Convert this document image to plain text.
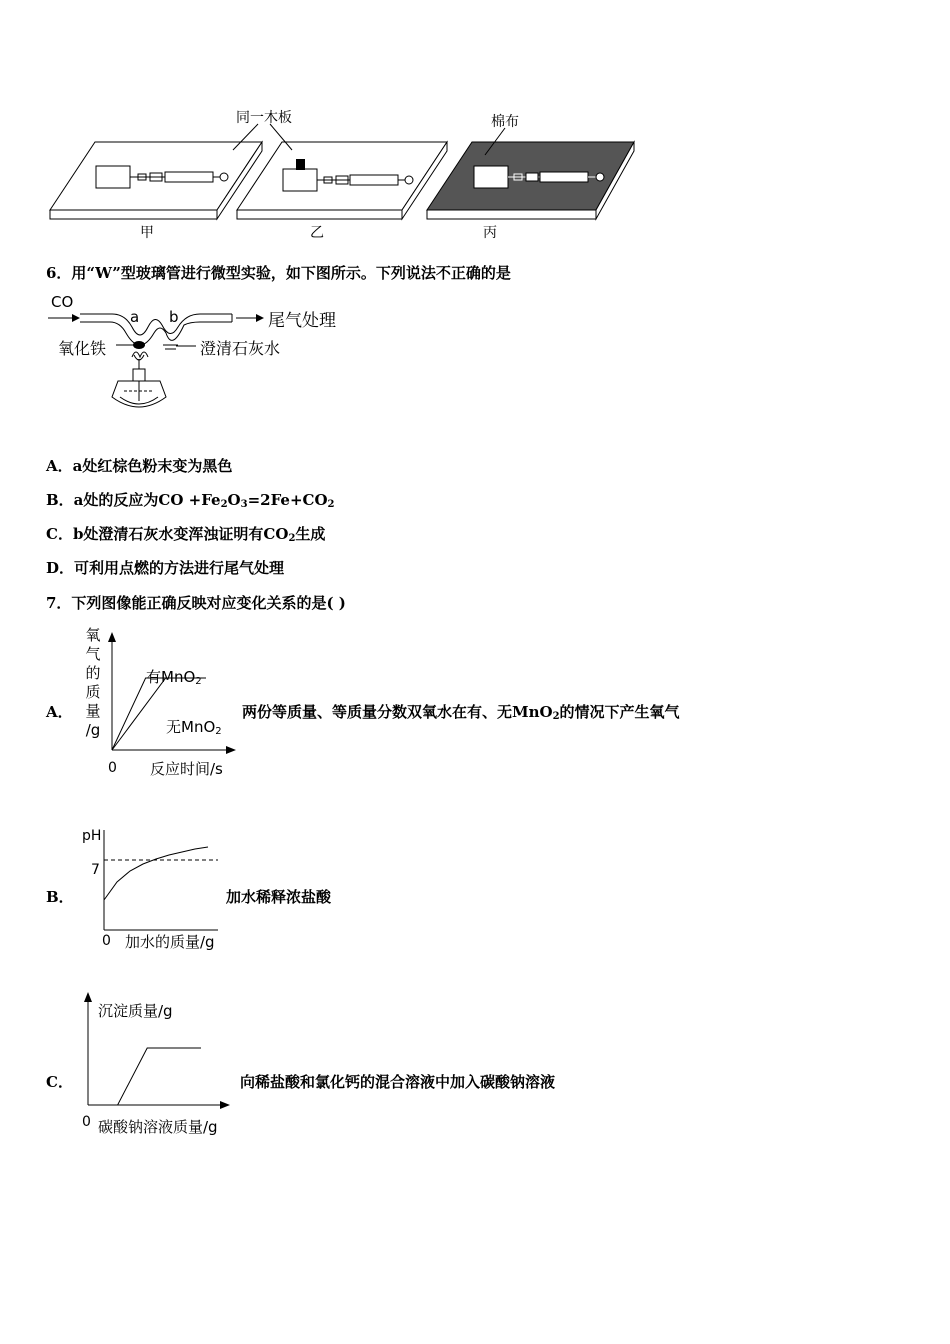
同一木板	棉布
甲	乙	丙
6．用“W”型玻璃管进行微型实验，如下图所示。下列说法不正确的是
CO
a b	尾气处理
氧化铁	澄清石灰水
A．a处红棕色粉末变为黑色
B．a处的反应为CO $+Fe_2O_3=2Fe+CO_2$
C．b处澄清石灰水变浑浊证明有$CO_2$生成
D．可利用点燃的方法进行尾气处理
7．下列图像能正确反映对应变化关系的是( )
A．
氧
气
的
质
量
/g
0 反应时间/s
有MnO$_2$
无MnO$_2$
两份等质量、等质量分数双氧水在有、无MnO$_2$的情况下产生氧气
B．
pH
7
0 加水的质量/g
加水稀释浓盐酸
C．
沉淀质量/g
0 碳酸钠溶液质量/g
向稀盐酸和氯化钙的混合溶液中加入碳酸钠溶液
